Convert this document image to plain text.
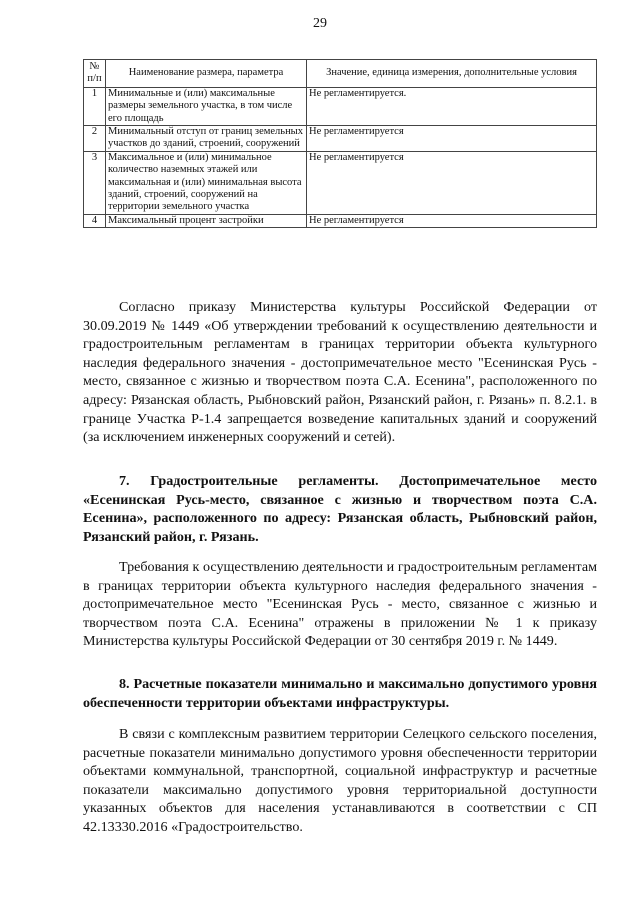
29
№ п/п	Наименование размера, параметра	Значение, единица измерения, дополнительные условия
1	Минимальные и (или) максимальные размеры земельного участка, в том числе его площадь	Не регламентируется.
2	Минимальный отступ от границ земельных участков до зданий, строений, сооружений	Не регламентируется
3	Максимальное и (или) минимальное количество наземных этажей или максимальная и (или) минимальная высота зданий, строений, сооружений на территории земельного участка	Не регламентируется
4	Максимальный процент застройки	Не регламентируется

Согласно приказу Министерства культуры Российской Федерации от 30.09.2019 № 1449 «Об утверждении требований к осуществлению деятельности и градостроительным регламентам в границах территории объекта культурного наследия федерального значения - достопримечательное место "Есенинская Русь - место, связанное с жизнью и творчеством поэта С.А. Есенина", расположенного по адресу: Рязанская область, Рыбновский район, Рязанский район, г. Рязань» п. 8.2.1. в границе Участка Р-1.4 запрещается возведение капитальных зданий и сооружений (за исключением инженерных сооружений и сетей).

7. Градостроительные регламенты. Достопримечательное место «Есенинская Русь-место, связанное с жизнью и творчеством поэта С.А. Есенина», расположенного по адресу: Рязанская область, Рыбновский район, Рязанский район, г. Рязань.

Требования к осуществлению деятельности и градостроительным регламентам в границах территории объекта культурного наследия федерального значения - достопримечательное место "Есенинская Русь - место, связанное с жизнью и творчеством поэта С.А. Есенина" отражены в приложении № 1 к приказу Министерства культуры Российской Федерации от 30 сентября 2019 г. № 1449.

8. Расчетные показатели минимально и максимально допустимого уровня обеспеченности территории объектами инфраструктуры.

В связи с комплексным развитием территории Селецкого сельского поселения, расчетные показатели минимально допустимого уровня обеспеченности территории объектами коммунальной, транспортной, социальной инфраструктур и расчетные показатели максимально допустимого уровня территориальной доступности указанных объектов для населения устанавливаются в соответствии с СП 42.13330.2016 «Градостроительство.
